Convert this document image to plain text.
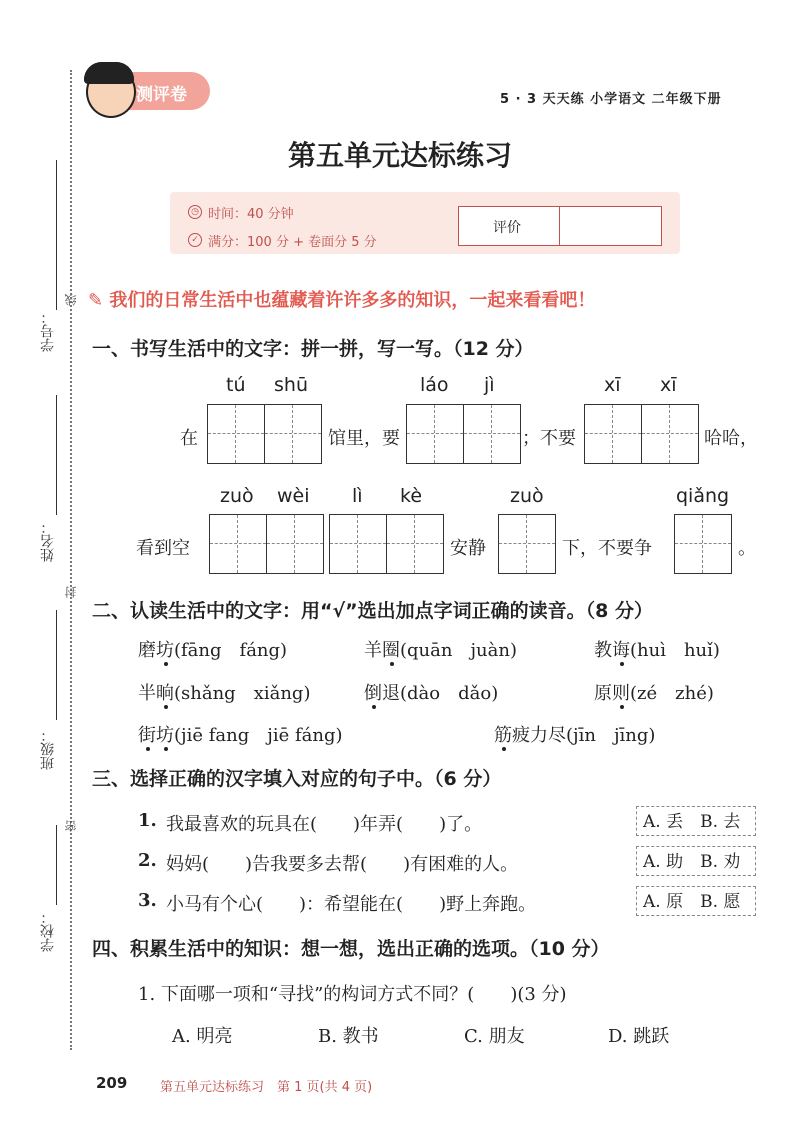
学号：
姓名：
班级：
学校：
线
封
密
测评卷	5 · 3 天天练 小学语文 二年级下册
第五单元达标练习
◷ 时间：40 分钟
✓ 满分：100 分 + 卷面分 5 分
评价
✎ 我们的日常生活中也蕴藏着许许多多的知识，一起来看看吧！
一、书写生活中的文字：拼一拼，写一写。（12 分）
tú shū	láo jì	xī xī
在	馆里，要	；不要	哈哈，
zuò wèi lì kè	zuò	qiǎng
看到空	安静	下，不要争	。
二、认读生活中的文字：用“√”选出加点字词正确的读音。（8 分）
磨坊(fāng　fáng)	羊圈(quān　juàn)	教诲(huì　huǐ)
半晌(shǎng　xiǎng)	倒退(dào　dǎo)	原则(zé　zhé)
街坊(jiē fang　jiē fáng)	筋疲力尽(jīn　jīng)
三、选择正确的汉字填入对应的句子中。（6 分）
1. 我最喜欢的玩具在(　　)年弄(　　)了。	A. 丢　B. 去
2. 妈妈(　　)告我要多去帮(　　)有困难的人。	A. 助　B. 劝
3. 小马有个心(　　)：希望能在(　　)野上奔跑。	A. 原　B. 愿
四、积累生活中的知识：想一想，选出正确的选项。（10 分）
1. 下面哪一项和“寻找”的构词方式不同？(　　)(3 分)
A. 明亮	B. 教书	C. 朋友	D. 跳跃
209	第五单元达标练习　第 1 页(共 4 页)
